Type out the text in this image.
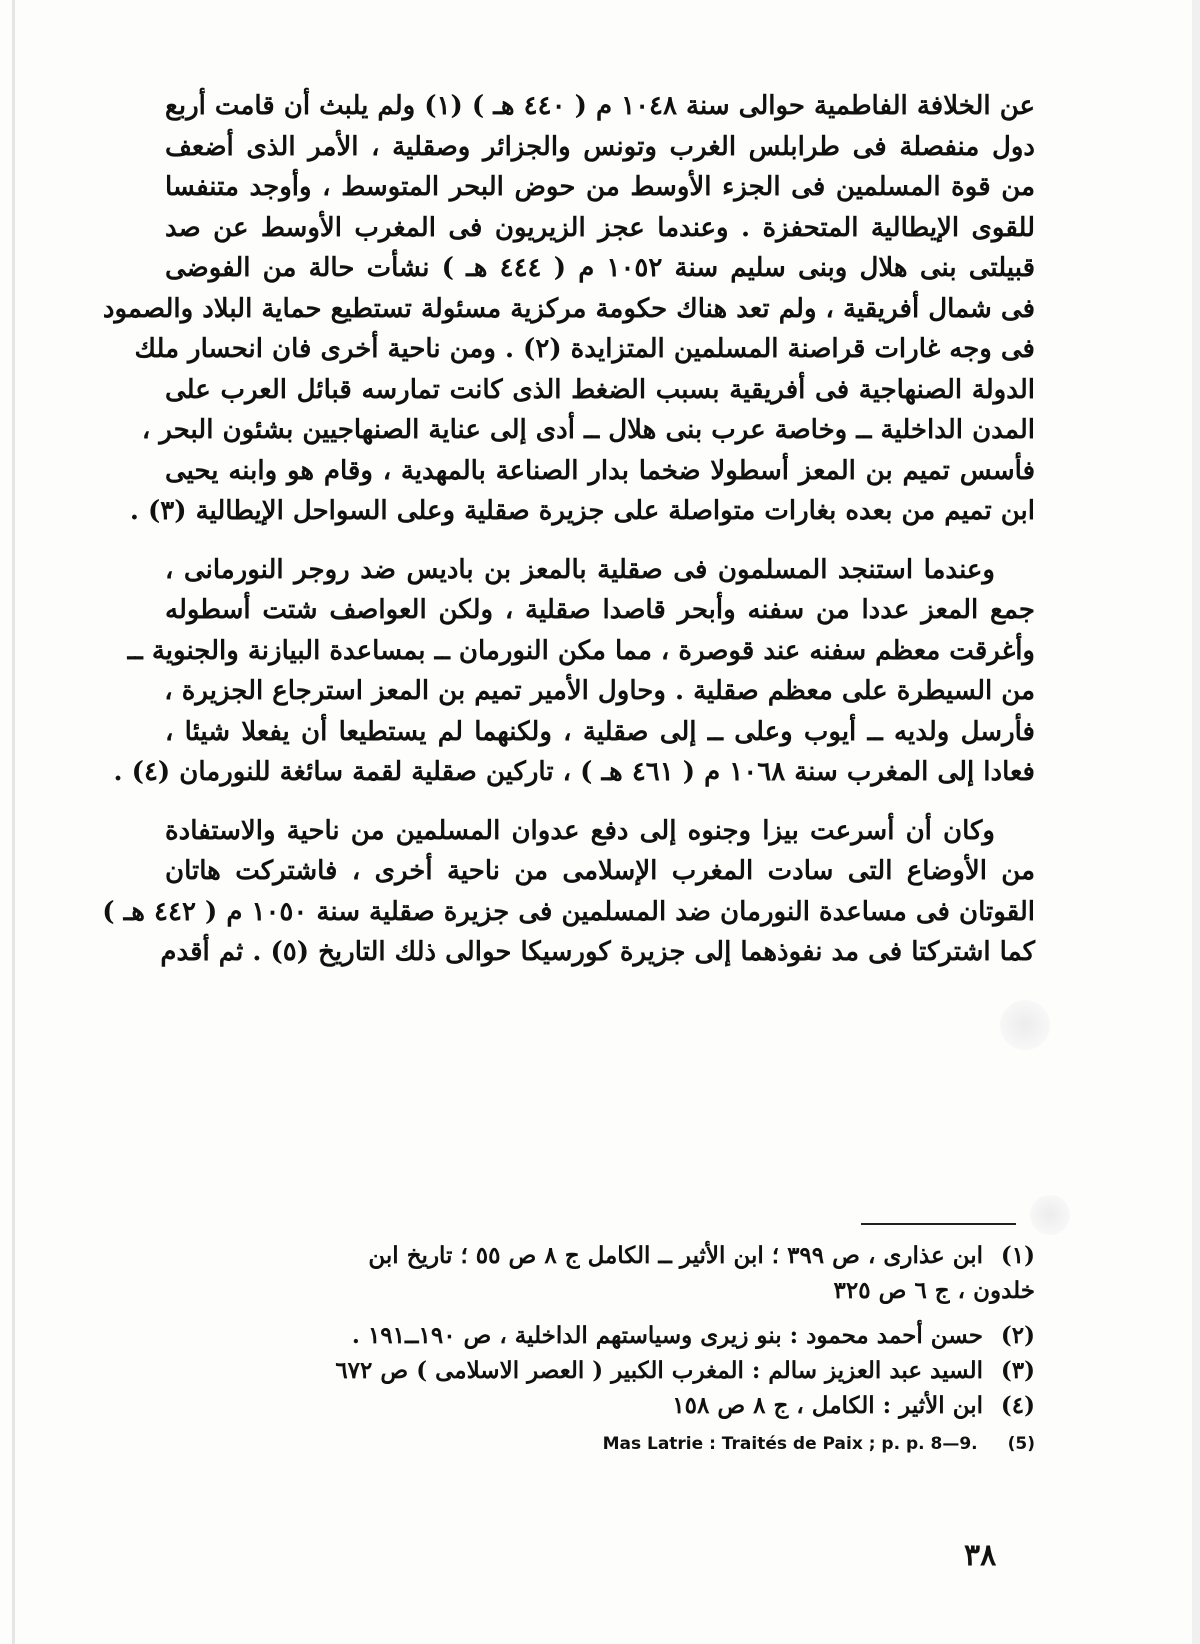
عن الخلافة الفاطمية حوالى سنة ١٠٤٨ م ( ٤٤٠ هـ ) (١) ولم يلبث أن قامت أربع
دول منفصلة فى طرابلس الغرب وتونس والجزائر وصقلية ، الأمر الذى أضعف
من قوة المسلمين فى الجزء الأوسط من حوض البحر المتوسط ، وأوجد متنفسا
للقوى الإيطالية المتحفزة . وعندما عجز الزيريون فى المغرب الأوسط عن صد
قبيلتى بنى هلال وبنى سليم سنة ١٠٥٢ م ( ٤٤٤ هـ ) نشأت حالة من الفوضى
فى شمال أفريقية ، ولم تعد هناك حكومة مركزية مسئولة تستطيع حماية البلاد والصمود
فى وجه غارات قراصنة المسلمين المتزايدة (٢) . ومن ناحية أخرى فان انحسار ملك
الدولة الصنهاجية فى أفريقية بسبب الضغط الذى كانت تمارسه قبائل العرب على
المدن الداخلية ــ وخاصة عرب بنى هلال ــ أدى إلى عناية الصنهاجيين بشئون البحر ،
فأسس تميم بن المعز أسطولا ضخما بدار الصناعة بالمهدية ، وقام هو وابنه يحيى
ابن تميم من بعده بغارات متواصلة على جزيرة صقلية وعلى السواحل الإيطالية (٣) .
وعندما استنجد المسلمون فى صقلية بالمعز بن باديس ضد روجر النورمانى ،
جمع المعز عددا من سفنه وأبحر قاصدا صقلية ، ولكن العواصف شتت أسطوله
وأغرقت معظم سفنه عند قوصرة ، مما مكن النورمان ــ بمساعدة البيازنة والجنوية ــ
من السيطرة على معظم صقلية . وحاول الأمير تميم بن المعز استرجاع الجزيرة ،
فأرسل ولديه ــ أيوب وعلى ــ إلى صقلية ، ولكنهما لم يستطيعا أن يفعلا شيئا ،
فعادا إلى المغرب سنة ١٠٦٨ م ( ٤٦١ هـ ) ، تاركين صقلية لقمة سائغة للنورمان (٤) .
وكان أن أسرعت بيزا وجنوه إلى دفع عدوان المسلمين من ناحية والاستفادة
من الأوضاع التى سادت المغرب الإسلامى من ناحية أخرى ، فاشتركت هاتان
القوتان فى مساعدة النورمان ضد المسلمين فى جزيرة صقلية سنة ١٠٥٠ م ( ٤٤٢ هـ )
كما اشتركتا فى مد نفوذهما إلى جزيرة كورسيكا حوالى ذلك التاريخ (٥) . ثم أقدم
(١)ابن عذارى ، ص ٣٩٩ ؛ ابن الأثير ــ الكامل ج ٨ ص ٥٥ ؛ تاريخ ابن
خلدون ، ج ٦ ص ٣٢٥
(٢)حسن أحمد محمود : بنو زيرى وسياستهم الداخلية ، ص ١٩٠ــ١٩١ .
(٣)السيد عبد العزيز سالم : المغرب الكبير ( العصر الاسلامى ) ص ٦٧٢
(٤)ابن الأثير : الكامل ، ج ٨ ص ١٥٨
Mas Latrie : Traités de Paix ; p. p. 8—9. (5)
٣٨
